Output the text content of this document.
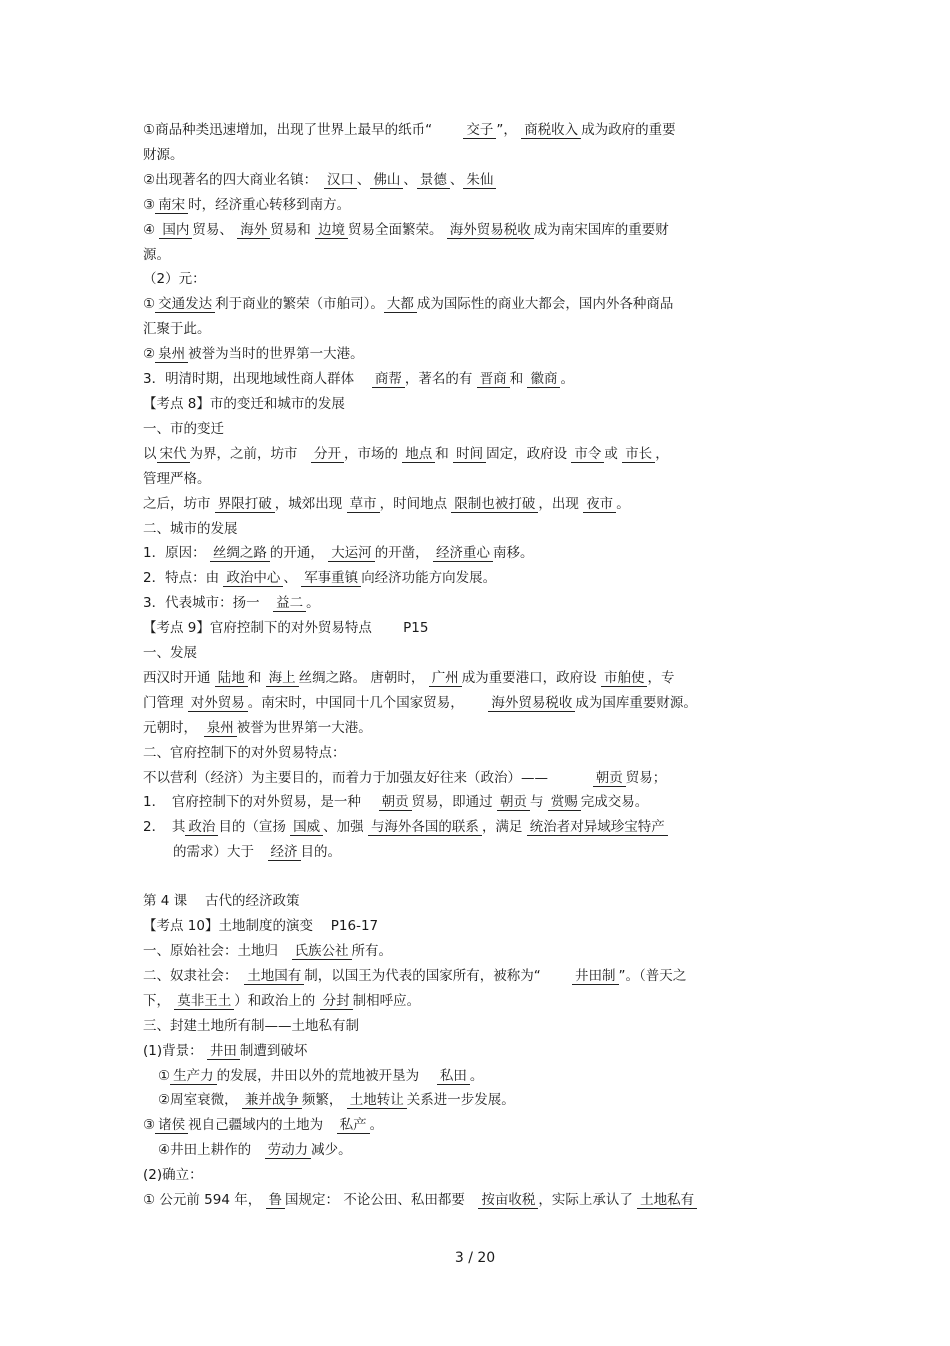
①商品种类迅速增加，出现了世界上最早的纸币“　　 交子 ”， 商税收入 成为政府的重要
财源。
②出现著名的四大商业名镇：　汉口 、 佛山 、 景德 、 朱仙
③ 南宋 时，经济重心转移到南方。
④ 国内 贸易、 海外 贸易和 边境 贸易全面繁荣。 海外贸易税收 成为南宋国库的重要财
源。
（2）元：
① 交通发达 利于商业的繁荣（市舶司）。 大都 成为国际性的商业大都会，国内外各种商品
汇聚于此。
② 泉州 被誉为当时的世界第一大港。
3．明清时期，出现地域性商人群体　 商帮 ，著名的有 晋商 和 徽商 。
【考点 8】市的变迁和城市的发展
一、市的变迁
以 宋代 为界，之前，坊市　分开 ，市场的 地点 和 时间 固定，政府设 市令 或 市长 ，
管理严格。
之后，坊市 界限打破 ，城郊出现 草市 ，时间地点 限制也被打破 ，出现 夜市 。
二、城市的发展
1．原因： 丝绸之路 的开通， 大运河 的开凿， 经济重心 南移。
2．特点：由 政治中心 、 军事重镇 向经济功能方向发展。
3．代表城市：扬一　益二 。
【考点 9】官府控制下的对外贸易特点　　 P15
一、发展
西汉时开通 陆地 和 海上 丝绸之路。 唐朝时， 广州 成为重要港口，政府设 市舶使 ，专
门管理 对外贸易 。南宋时，中国同十几个国家贸易，　　 海外贸易税收 成为国库重要财源。
元朝时，　泉州 被誉为世界第一大港。
二、官府控制下的对外贸易特点：
不以营利（经济）为主要目的，而着力于加强友好往来（政治）——　　　 朝贡 贸易；
1．　官府控制下的对外贸易，是一种　 朝贡 贸易，即通过 朝贡 与 赏赐 完成交易。
2．　其 政治 目的（宣扬 国威 、加强 与海外各国的联系 ，满足 统治者对异域珍宝特产
的需求）大于　经济 目的。
第 4 课　 古代的经济政策
【考点 10】土地制度的演变　 P16-17
一、原始社会：土地归　氏族公社 所有。
二、奴隶社会：　土地国有 制，以国王为代表的国家所有，被称为“　　 井田制 ”。（普天之
下， 莫非王土 ）和政治上的 分封 制相呼应。
三、封建土地所有制——土地私有制
(1)背景： 井田 制遭到破坏
① 生产力 的发展，井田以外的荒地被开垦为　 私田 。
②周室衰微， 兼并战争 频繁， 土地转让 关系进一步发展。
③ 诸侯 视自己疆域内的土地为　私产 。
④井田上耕作的　劳动力 减少。
(2)确立：
① 公元前 594 年， 鲁 国规定： 不论公田、私田都要　按亩收税 ，实际上承认了 土地私有
3 / 20
